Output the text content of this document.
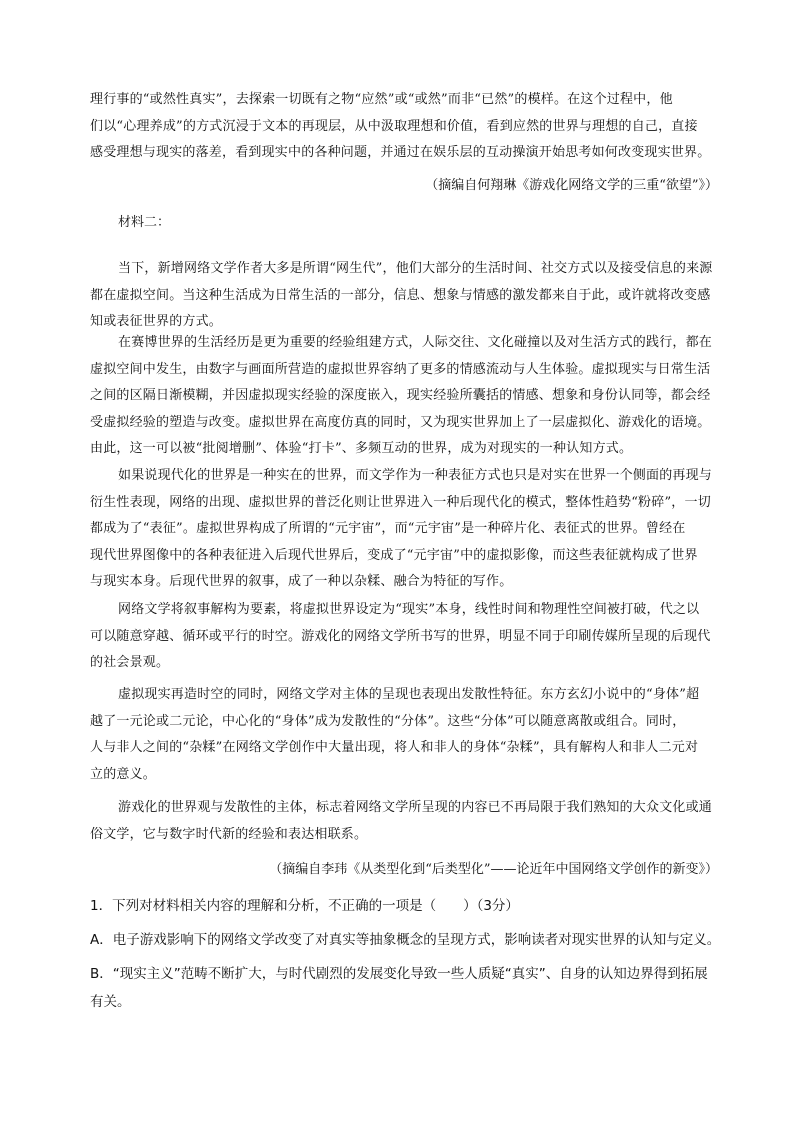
理行事的“或然性真实”，去探索一切既有之物“应然”或“或然”而非“已然”的模样。在这个过程中，他
们以“心理养成”的方式沉浸于文本的再现层，从中汲取理想和价值，看到应然的世界与理想的自己，直接
感受理想与现实的落差，看到现实中的各种问题，并通过在娱乐层的互动操演开始思考如何改变现实世界。
（摘编自何翔琳《游戏化网络文学的三重“欲望”》）
材料二：
当下，新增网络文学作者大多是所谓“网生代”，他们大部分的生活时间、社交方式以及接受信息的来源
都在虚拟空间。当这种生活成为日常生活的一部分，信息、想象与情感的激发都来自于此，或许就将改变感
知或表征世界的方式。
在赛博世界的生活经历是更为重要的经验组建方式，人际交往、文化碰撞以及对生活方式的践行，都在
虚拟空间中发生，由数字与画面所营造的虚拟世界容纳了更多的情感流动与人生体验。虚拟现实与日常生活
之间的区隔日渐模糊，并因虚拟现实经验的深度嵌入，现实经验所囊括的情感、想象和身份认同等，都会经
受虚拟经验的塑造与改变。虚拟世界在高度仿真的同时，又为现实世界加上了一层虚拟化、游戏化的语境。
由此，这一可以被“批阅增删”、体验“打卡”、多频互动的世界，成为对现实的一种认知方式。
如果说现代化的世界是一种实在的世界，而文学作为一种表征方式也只是对实在世界一个侧面的再现与
衍生性表现，网络的出现、虚拟世界的普泛化则让世界进入一种后现代化的模式，整体性趋势“粉碎”，一切
都成为了“表征”。虚拟世界构成了所谓的“元宇宙”，而“元宇宙”是一种碎片化、表征式的世界。曾经在
现代世界图像中的各种表征进入后现代世界后，变成了“元宇宙”中的虚拟影像，而这些表征就构成了世界
与现实本身。后现代世界的叙事，成了一种以杂糅、融合为特征的写作。
网络文学将叙事解构为要素，将虚拟世界设定为“现实”本身，线性时间和物理性空间被打破，代之以
可以随意穿越、循环或平行的时空。游戏化的网络文学所书写的世界，明显不同于印刷传媒所呈现的后现代
的社会景观。
虚拟现实再造时空的同时，网络文学对主体的呈现也表现出发散性特征。东方玄幻小说中的“身体”超
越了一元论或二元论，中心化的“身体”成为发散性的“分体”。这些“分体”可以随意离散或组合。同时，
人与非人之间的“杂糅”在网络文学创作中大量出现，将人和非人的身体“杂糅”，具有解构人和非人二元对
立的意义。
游戏化的世界观与发散性的主体，标志着网络文学所呈现的内容已不再局限于我们熟知的大众文化或通
俗文学，它与数字时代新的经验和表达相联系。
（摘编自李玮《从类型化到“后类型化”——论近年中国网络文学创作的新变》）
1．下列对材料相关内容的理解和分析，不正确的一项是（　　）（3分）
A．电子游戏影响下的网络文学改变了对真实等抽象概念的呈现方式，影响读者对现实世界的认知与定义。
B．“现实主义”范畴不断扩大，与时代剧烈的发展变化导致一些人质疑“真实”、自身的认知边界得到拓展
有关。
